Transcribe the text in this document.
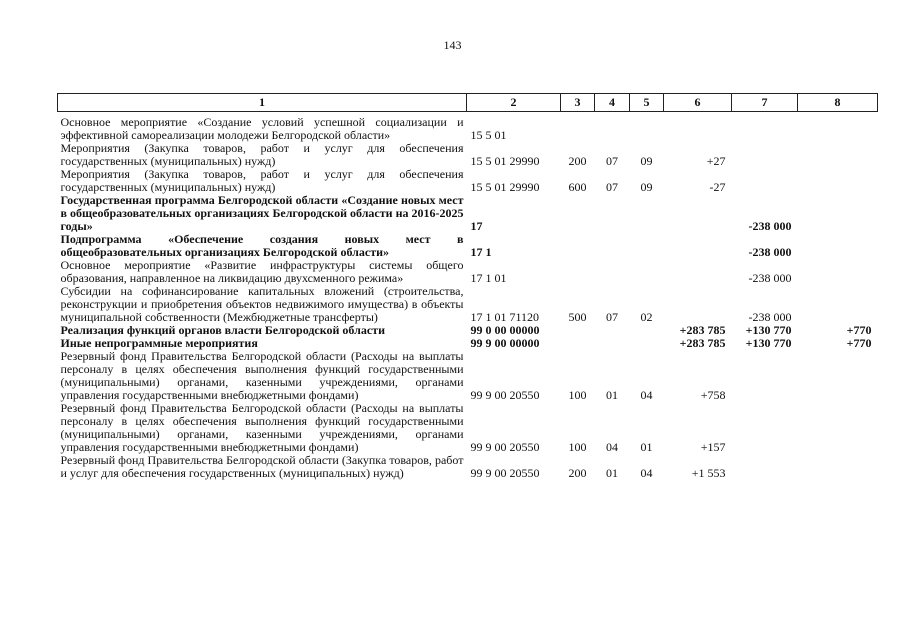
143
1	2	3	4	5	6	7	8
Основное мероприятие «Создание условий успешной социализации и эффективной самореализации молодежи Белгородской области»	15 5 01						
Мероприятия (Закупка товаров, работ и услуг для обеспечения государственных (муниципальных) нужд)	15 5 01 29990	200	07	09	+27		
Мероприятия (Закупка товаров, работ и услуг для обеспечения государственных (муниципальных) нужд)	15 5 01 29990	600	07	09	-27		
Государственная программа Белгородской области «Создание новых мест в общеобразовательных организациях Белгородской области на 2016-2025 годы»	17					-238 000	
Подпрограмма «Обеспечение создания новых мест в общеобразовательных организациях Белгородской области»	17 1					-238 000	
Основное мероприятие «Развитие инфраструктуры системы общего образования, направленное на ликвидацию двухсменного режима»	17 1 01					-238 000	
Субсидии на софинансирование капитальных вложений (строительства, реконструкции и приобретения объектов недвижимого имущества) в объекты муниципальной собственности (Межбюджетные трансферты)	17 1 01 71120	500	07	02		-238 000	
Реализация функций органов власти Белгородской области	99 0 00 00000				+283 785	+130 770	+770
Иные непрограммные мероприятия	99 9 00 00000				+283 785	+130 770	+770
Резервный фонд Правительства Белгородской области (Расходы на выплаты персоналу в целях обеспечения выполнения функций государственными (муниципальными) органами, казенными учреждениями, органами управления государственными внебюджетными фондами)	99 9 00 20550	100	01	04	+758		
Резервный фонд Правительства Белгородской области (Расходы на выплаты персоналу в целях обеспечения выполнения функций государственными (муниципальными) органами, казенными учреждениями, органами управления государственными внебюджетными фондами)	99 9 00 20550	100	04	01	+157		
Резервный фонд Правительства Белгородской области (Закупка товаров, работ и услуг для обеспечения государственных (муниципальных) нужд)	99 9 00 20550	200	01	04	+1 553		
